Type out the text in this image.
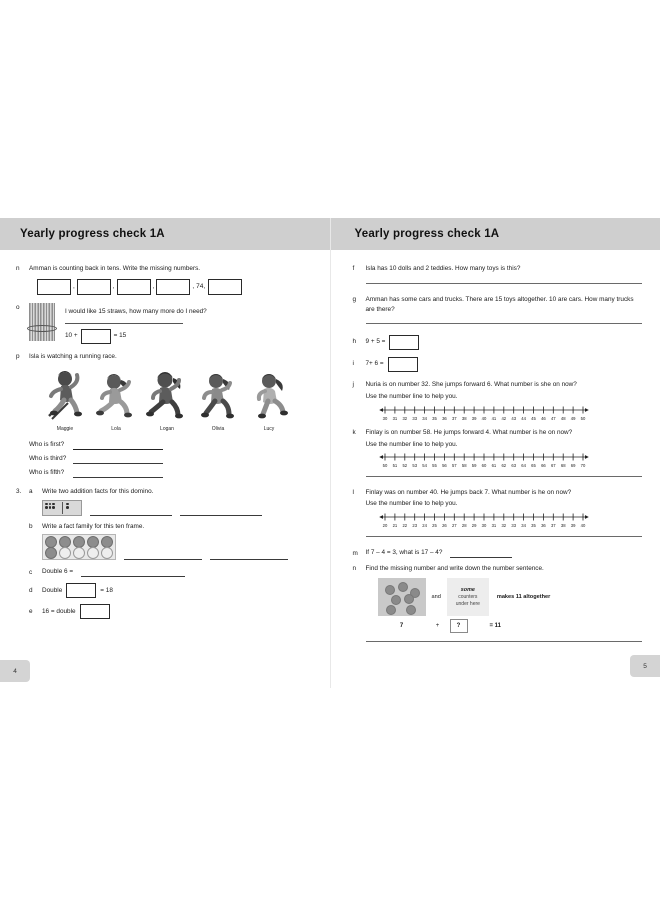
Yearly progress check 1A
n	Amman is counting back in tens. Write the missing numbers.
,	,	,	, 74,
o
I would like 15 straws, how many more do I need?
10 +	= 15
p	Isla is watching a running race.
Maggie	Lola	Logan	Olivia	Lucy
Who is first?
Who is third?
Who is fifth?
3.	a	Write two addition facts for this domino.
b	Write a fact family for this ten frame.
c	Double 6 =
d	Double	= 18
e	16 = double
Yearly progress check 1A
f	Isla has 10 dolls and 2 teddies. How many toys is this?
g	Amman has some cars and trucks. There are 15 toys altogether. 10 are cars. How many trucks are there?
h	9 + 5 =
i	7+ 6 =
j	Nuria is on number 32. She jumps forward 6. What number is she on now?
Use the number line to help you.
30 31 32 33 34 35 36 37 38 39 40 41 42 43 44 45 46 47 48 49 50
k	Finlay is on number 58. He jumps forward 4. What number is he on now?
Use the number line to help you.
50 51 52 53 54 55 56 57 58 59 60 61 62 63 64 65 66 67 68 69 70
l	Finlay was on number 40. He jumps back 7. What number is he on now?
Use the number line to help you.
20 21 22 23 24 25 26 27 28 29 30 31 32 33 34 35 36 37 38 39 40
m	If 7 – 4 = 3, what is 17 – 4?
n	Find the missing number and write down the number sentence.
and
some
counters
under here
makes 11 altogether
7	+	?	= 11
4
5
